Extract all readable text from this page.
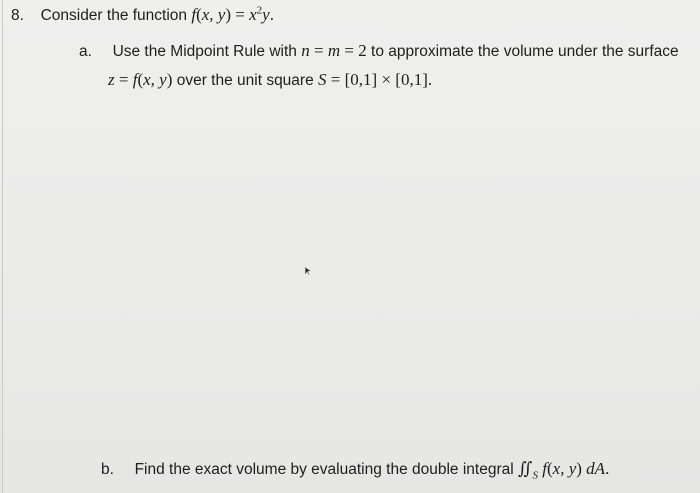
8. Consider the function f(x, $y) = x^2y$.
a. Use the Midpoint Rule with n = m = 2 to approximate the volume under the surface
z = f(x, y) over the unit square S = [0,1] × [0,1].
b. Find the exact volume by evaluating the double integral $∬_S$ f(x, y) dA.
